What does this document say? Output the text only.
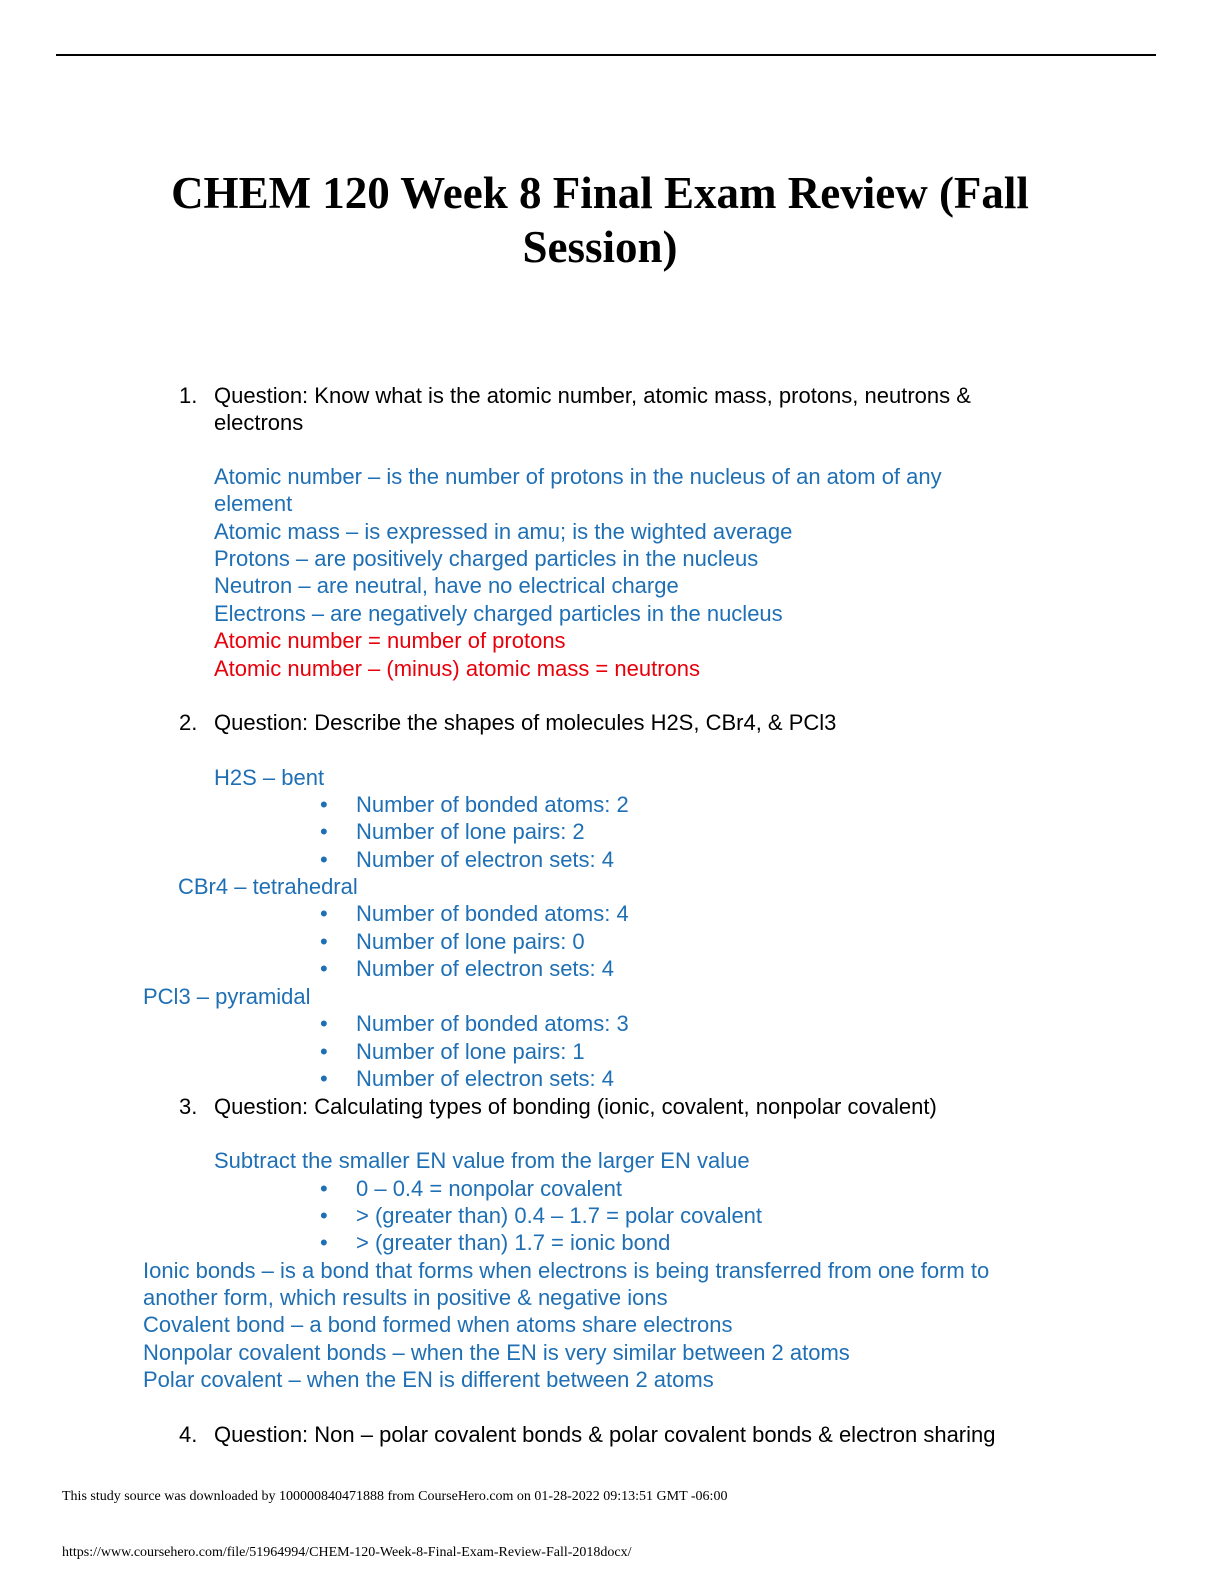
CHEM 120 Week 8 Final Exam Review (Fall
Session)
1. Question: Know what is the atomic number, atomic mass, protons, neutrons &
electrons
Atomic number – is the number of protons in the nucleus of an atom of any
element
Atomic mass – is expressed in amu; is the wighted average
Protons – are positively charged particles in the nucleus
Neutron – are neutral, have no electrical charge
Electrons – are negatively charged particles in the nucleus
Atomic number = number of protons
Atomic number – (minus) atomic mass = neutrons
2. Question: Describe the shapes of molecules H2S, CBr4, & PCl3
H2S – bent
• Number of bonded atoms: 2
• Number of lone pairs: 2
• Number of electron sets: 4
CBr4 – tetrahedral
• Number of bonded atoms: 4
• Number of lone pairs: 0
• Number of electron sets: 4
PCl3 – pyramidal
• Number of bonded atoms: 3
• Number of lone pairs: 1
• Number of electron sets: 4
3. Question: Calculating types of bonding (ionic, covalent, nonpolar covalent)
Subtract the smaller EN value from the larger EN value
• 0 – 0.4 = nonpolar covalent
• > (greater than) 0.4 – 1.7 = polar covalent
• > (greater than) 1.7 = ionic bond
Ionic bonds – is a bond that forms when electrons is being transferred from one form to
another form, which results in positive & negative ions
Covalent bond – a bond formed when atoms share electrons
Nonpolar covalent bonds – when the EN is very similar between 2 atoms
Polar covalent – when the EN is different between 2 atoms
4. Question: Non – polar covalent bonds & polar covalent bonds & electron sharing
This study source was downloaded by 100000840471888 from CourseHero.com on 01-28-2022 09:13:51 GMT -06:00
https://www.coursehero.com/file/51964994/CHEM-120-Week-8-Final-Exam-Review-Fall-2018docx/
